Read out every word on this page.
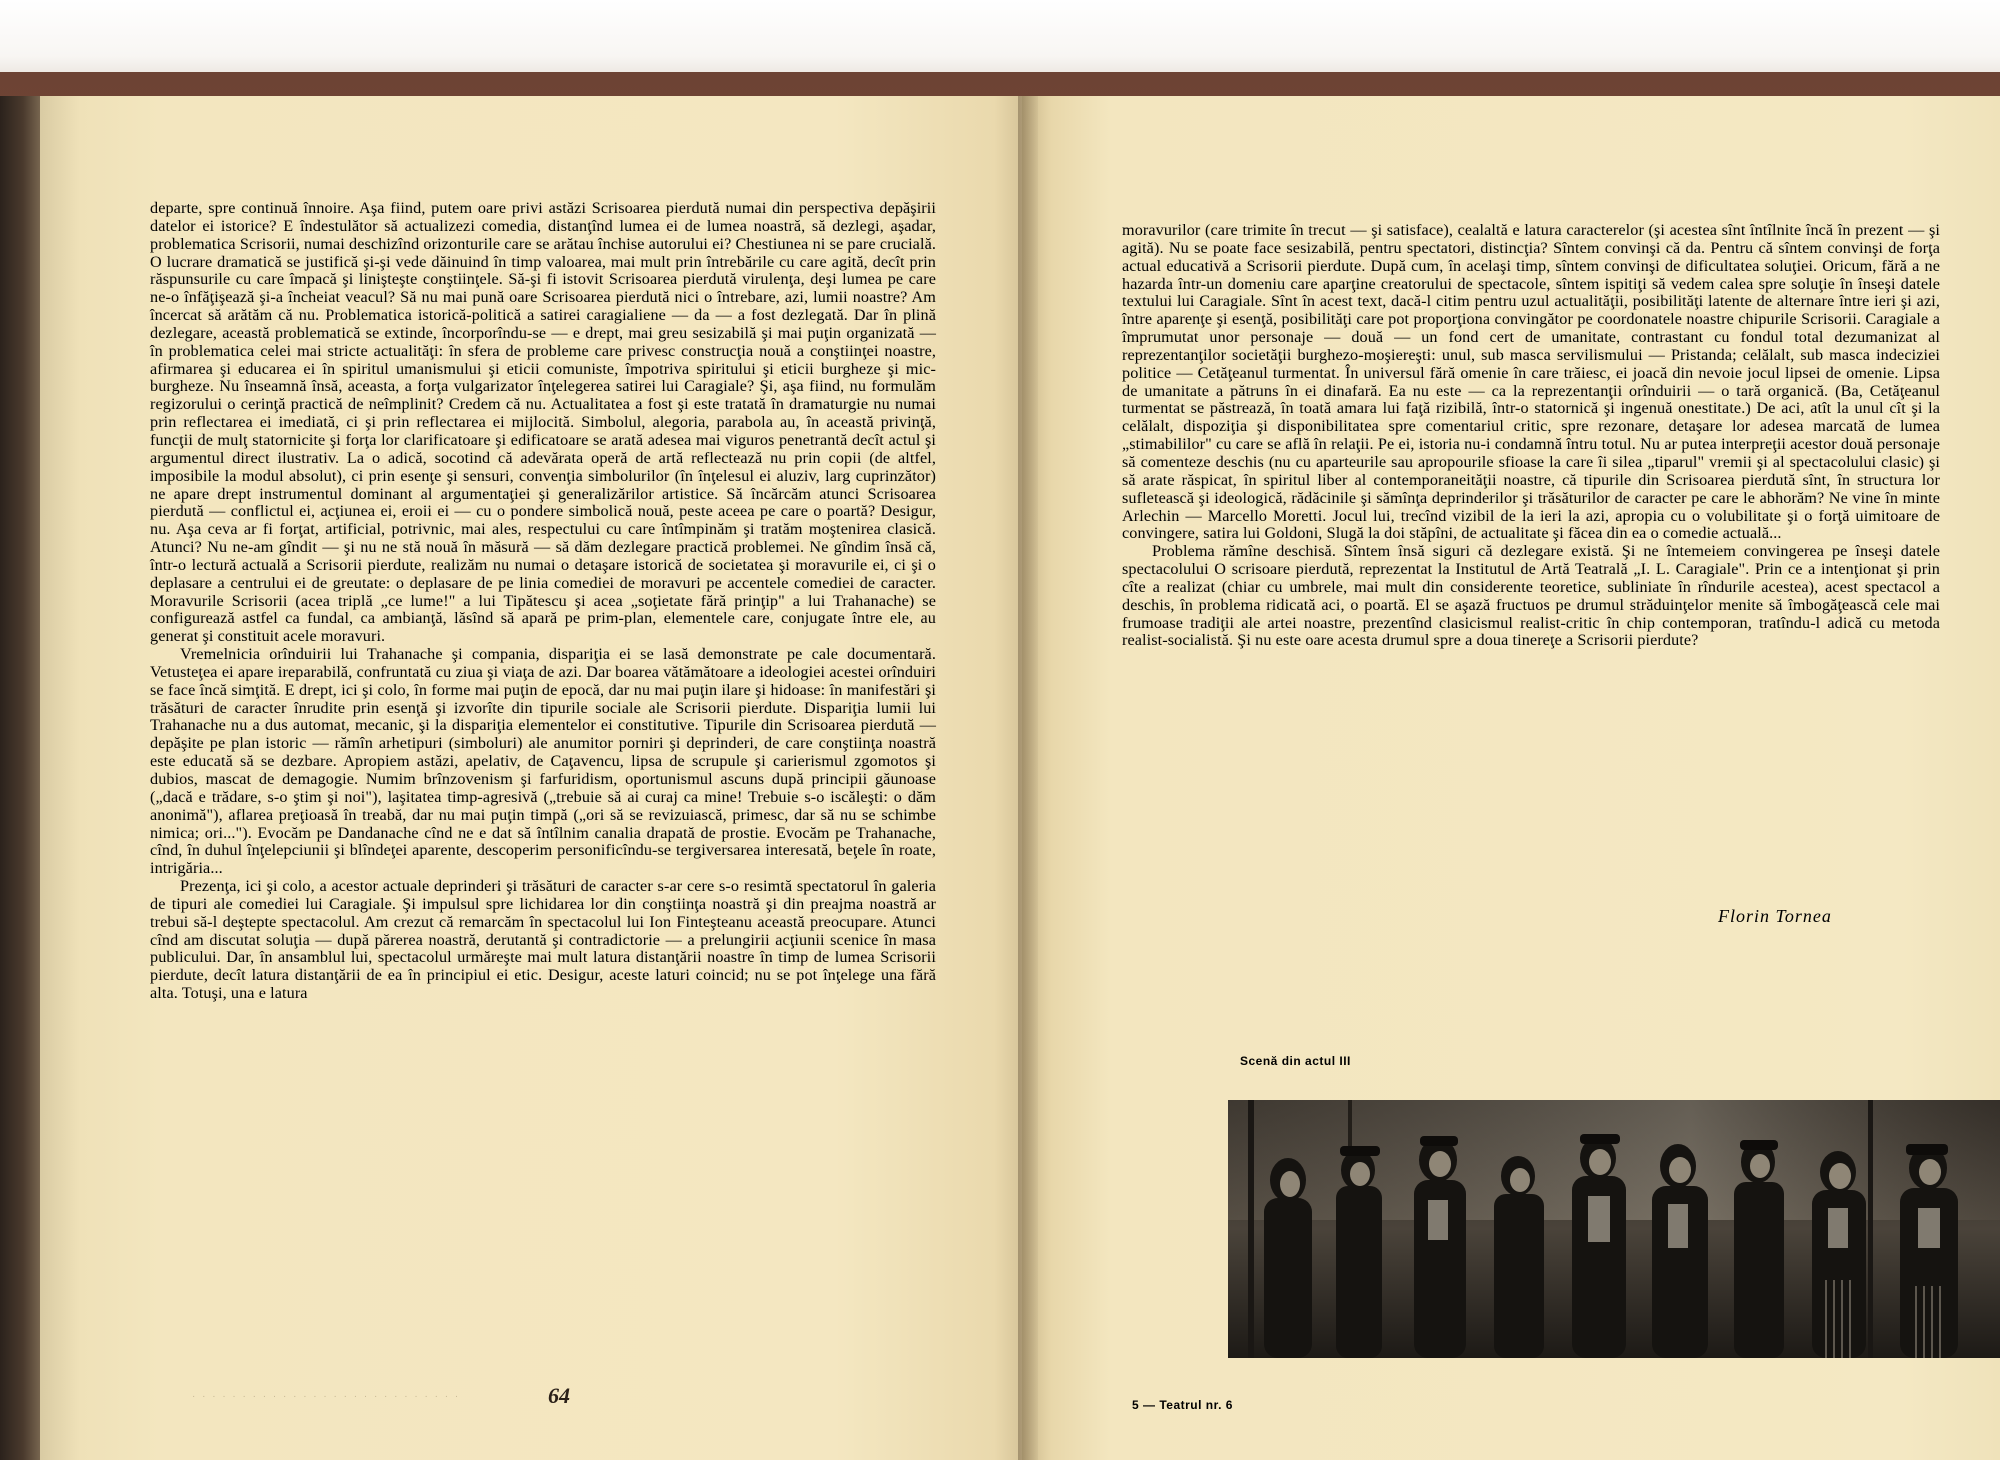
departe, spre continuă înnoire. Aşa fiind, putem oare privi astăzi Scrisoarea pierdută numai din perspectiva depăşirii datelor ei istorice? E îndestulător să actualizezi comedia, distanţînd lumea ei de lumea noastră, să dezlegi, aşadar, problematica Scrisorii, numai deschizînd orizonturile care se arătau închise autorului ei? Chestiunea ni se pare crucială. O lucrare dramatică se justifică şi-şi vede dăinuind în timp valoarea, mai mult prin întrebările cu care agită, decît prin răspunsurile cu care împacă şi linişteşte conştiinţele. Să-şi fi istovit Scrisoarea pierdută virulenţa, deşi lumea pe care ne-o înfăţişează şi-a încheiat veacul? Să nu mai pună oare Scrisoarea pierdută nici o întrebare, azi, lumii noastre? Am încercat să arătăm că nu. Problematica istorică-politică a satirei caragialiene — da — a fost dezlegată. Dar în plină dezlegare, această problematică se extinde, încorporîndu-se — e drept, mai greu sesizabilă şi mai puţin organizată — în problematica celei mai stricte actualităţi: în sfera de probleme care privesc construcţia nouă a conştiinţei noastre, afirmarea şi educarea ei în spiritul umanismului şi eticii comuniste, împotriva spiritului şi eticii burgheze şi mic-burgheze. Nu înseamnă însă, aceasta, a forţa vulgarizator înţelegerea satirei lui Caragiale? Şi, aşa fiind, nu formulăm regizorului o cerinţă practică de neîmplinit? Credem că nu. Actualitatea a fost şi este tratată în dramaturgie nu numai prin reflectarea ei imediată, ci şi prin reflectarea ei mijlocită. Simbolul, alegoria, parabola au, în această privinţă, funcţii de mulţ statornicite şi forţa lor clarificatoare şi edificatoare se arată adesea mai viguros penetrantă decît actul şi argumentul direct ilustrativ. La o adică, socotind că adevărata operă de artă reflectează nu prin copii (de altfel, imposibile la modul absolut), ci prin esenţe şi sensuri, convenţia simbolurilor (în înţelesul ei aluziv, larg cuprinzător) ne apare drept instrumentul dominant al argumentaţiei şi generalizărilor artistice. Să încărcăm atunci Scrisoarea pierdută — conflictul ei, acţiunea ei, eroii ei — cu o pondere simbolică nouă, peste aceea pe care o poartă? Desigur, nu. Aşa ceva ar fi forţat, artificial, potrivnic, mai ales, respectului cu care întîmpinăm şi tratăm moştenirea clasică. Atunci? Nu ne-am gîndit — şi nu ne stă nouă în măsură — să dăm dezlegare practică problemei. Ne gîndim însă că, într-o lectură actuală a Scrisorii pierdute, realizăm nu numai o detaşare istorică de societatea şi moravurile ei, ci şi o deplasare a centrului ei de greutate: o deplasare de pe linia comediei de moravuri pe accentele comediei de caracter. Moravurile Scrisorii (acea triplă „ce lume!" a lui Tipătescu şi acea „soţietate fără prinţip" a lui Trahanache) se configurează astfel ca fundal, ca ambianţă, lăsînd să apară pe prim-plan, elementele care, conjugate între ele, au generat şi constituit acele moravuri.

Vremelnicia orînduirii lui Trahanache şi compania, dispariţia ei se lasă demonstrate pe cale documentară. Vetusteţea ei apare ireparabilă, confruntată cu ziua şi viaţa de azi. Dar boarea vătămătoare a ideologiei acestei orînduiri se face încă simţită. E drept, ici şi colo, în forme mai puţin de epocă, dar nu mai puţin ilare şi hidoase: în manifestări şi trăsături de caracter înrudite prin esenţă şi izvorîte din tipurile sociale ale Scrisorii pierdute. Dispariţia lumii lui Trahanache nu a dus automat, mecanic, şi la dispariţia elementelor ei constitutive. Tipurile din Scrisoarea pierdută — depăşite pe plan istoric — rămîn arhetipuri (simboluri) ale anumitor porniri şi deprinderi, de care conştiinţa noastră este educată să se dezbare. Apropiem astăzi, apelativ, de Caţavencu, lipsa de scrupule şi carierismul zgomotos şi dubios, mascat de demagogie. Numim brînzovenism şi farfuridism, oportunismul ascuns după principii găunoase („dacă e trădare, s-o ştim şi noi"), laşitatea timp-agresivă („trebuie să ai curaj ca mine! Trebuie s-o iscăleşti: o dăm anonimă"), aflarea preţioasă în treabă, dar nu mai puţin timpă („ori să se revizuiască, primesc, dar să nu se schimbe nimica; ori..."). Evocăm pe Dandanache cînd ne e dat să întîlnim canalia drapată de prostie. Evocăm pe Trahanache, cînd, în duhul înţelepciunii şi blîndeţei aparente, descoperim personificîndu-se tergiversarea interesată, beţele în roate, intrigăria...

Prezenţa, ici şi colo, a acestor actuale deprinderi şi trăsături de caracter s-ar cere s-o resimtă spectatorul în galeria de tipuri ale comediei lui Caragiale. Şi impulsul spre lichidarea lor din conştiinţa noastră şi din preajma noastră ar trebui să-l deştepte spectacolul. Am crezut că remarcăm în spectacolul lui Ion Finteşteanu această preocupare. Atunci cînd am discutat soluţia — după părerea noastră, derutantă şi contradictorie — a prelungirii acţiunii scenice în masa publicului. Dar, în ansamblul lui, spectacolul urmăreşte mai mult latura distanţării noastre în timp de lumea Scrisorii pierdute, decît latura distanţării de ea în principiul ei etic. Desigur, aceste laturi coincid; nu se pot înţelege una fără alta. Totuşi, una e latura

· · · · · · · · · · · · · · · · · · · · · · · · · · ·	64

moravurilor (care trimite în trecut — şi satisface), cealaltă e latura caracterelor (şi acestea sînt întîlnite încă în prezent — şi agită). Nu se poate face sesizabilă, pentru spectatori, distincţia? Sîntem convinşi că da. Pentru că sîntem convinşi de forţa actual educativă a Scrisorii pierdute. După cum, în acelaşi timp, sîntem convinşi de dificultatea soluţiei. Oricum, fără a ne hazarda într-un domeniu care aparţine creatorului de spectacole, sîntem ispitiţi să vedem calea spre soluţie în înseşi datele textului lui Caragiale. Sînt în acest text, dacă-l citim pentru uzul actualităţii, posibilităţi latente de alternare între ieri şi azi, între aparenţe şi esenţă, posibilităţi care pot proporţiona convingător pe coordonatele noastre chipurile Scrisorii. Caragiale a împrumutat unor personaje — două — un fond cert de umanitate, contrastant cu fondul total dezumanizat al reprezentanţilor societăţii burghezo-moşiereşti: unul, sub masca servilismului — Pristanda; celălalt, sub masca indeciziei politice — Cetăţeanul turmentat. În universul fără omenie în care trăiesc, ei joacă din nevoie jocul lipsei de omenie. Lipsa de umanitate a pătruns în ei dinafară. Ea nu este — ca la reprezentanţii orînduirii — o tară organică. (Ba, Cetăţeanul turmentat se păstrează, în toată amara lui faţă rizibilă, într-o statornică şi ingenuă onestitate.) De aci, atît la unul cît şi la celălalt, dispoziţia şi disponibilitatea spre comentariul critic, spre rezonare, detaşare lor adesea marcată de lumea „stimabililor" cu care se află în relaţii. Pe ei, istoria nu-i condamnă întru totul. Nu ar putea interpreţii acestor două personaje să comenteze deschis (nu cu aparteurile sau apropourile sfioase la care îi silea „tiparul" vremii şi al spectacolului clasic) şi să arate răspicat, în spiritul liber al contemporaneităţii noastre, că tipurile din Scrisoarea pierdută sînt, în structura lor sufletească şi ideologică, rădăcinile şi sămînţa deprinderilor şi trăsăturilor de caracter pe care le abhorăm? Ne vine în minte Arlechin — Marcello Moretti. Jocul lui, trecînd vizibil de la ieri la azi, apropia cu o volubilitate şi o forţă uimitoare de convingere, satira lui Goldoni, Slugă la doi stăpîni, de actualitate şi făcea din ea o comedie actuală...

Problema rămîne deschisă. Sîntem însă siguri că dezlegare există. Şi ne întemeiem convingerea pe înseşi datele spectacolului O scrisoare pierdută, reprezentat la Institutul de Artă Teatrală „I. L. Caragiale". Prin ce a intenţionat şi prin cîte a realizat (chiar cu umbrele, mai mult din considerente teoretice, subliniate în rîndurile acestea), acest spectacol a deschis, în problema ridicată aci, o poartă. El se aşază fructuos pe drumul străduinţelor menite să îmbogăţească cele mai frumoase tradiţii ale artei noastre, prezentînd clasicismul realist-critic în chip contemporan, tratîndu-l adică cu metoda realist-socialistă. Şi nu este oare acesta drumul spre a doua tinereţe a Scrisorii pierdute?

Florin Tornea
Scenă din actul III
5 — Teatrul nr. 6
